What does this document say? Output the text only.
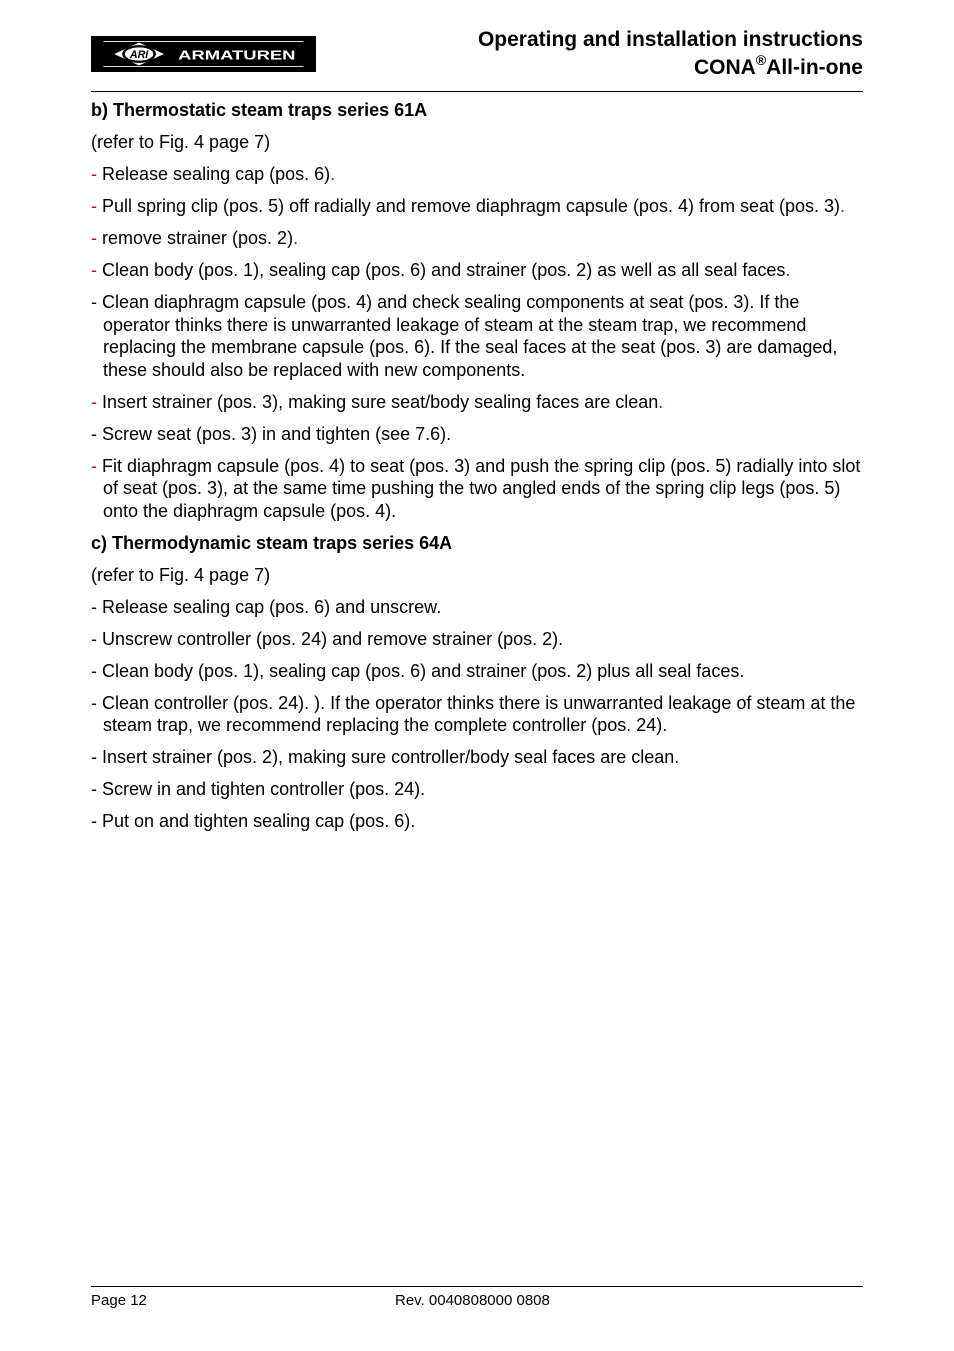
ARI ARMATUREN
Operating and installation instructions
CONA®All-in-one

b) Thermostatic steam traps series 61A

(refer to Fig. 4 page 7)

- Release sealing cap (pos. 6).

- Pull spring clip (pos. 5) off radially and remove diaphragm capsule (pos. 4) from seat (pos. 3).

- remove strainer (pos. 2).

- Clean body (pos. 1), sealing cap (pos. 6) and strainer (pos. 2) as well as all seal faces.

- Clean diaphragm capsule (pos. 4) and check sealing components at seat (pos. 3). If the operator thinks there is unwarranted leakage of steam at the steam trap, we recommend replacing the membrane capsule (pos. 6). If the seal faces at the seat (pos. 3) are damaged, these should also be replaced with new components.

- Insert strainer (pos. 3), making sure seat/body sealing faces are clean.

- Screw seat (pos. 3) in and tighten (see 7.6).

- Fit diaphragm capsule (pos. 4) to seat (pos. 3) and push the spring clip (pos. 5) radially into slot of seat (pos. 3), at the same time pushing the two angled ends of the spring clip legs (pos. 5) onto the diaphragm capsule (pos. 4).

c) Thermodynamic steam traps series 64A

(refer to Fig. 4 page 7)

- Release sealing cap (pos. 6) and unscrew.

- Unscrew controller (pos. 24) and remove strainer (pos. 2).

- Clean body (pos. 1), sealing cap (pos. 6) and strainer (pos. 2) plus all seal faces.

- Clean controller (pos. 24). ). If the operator thinks there is unwarranted leakage of steam at the steam trap, we recommend replacing the complete controller (pos. 24).

- Insert strainer (pos. 2), making sure controller/body seal faces are clean.

- Screw in and tighten controller (pos. 24).

- Put on and tighten sealing cap (pos. 6).

Page 12	Rev. 0040808000 0808
